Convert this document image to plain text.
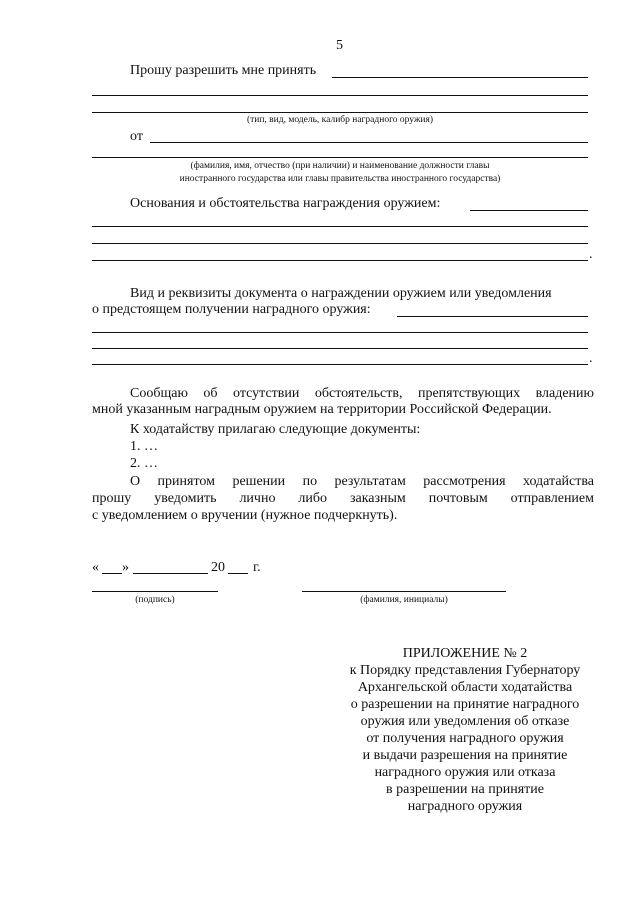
5
Прошу разрешить мне принять
(тип, вид, модель, калибр наградного оружия)
от
(фамилия, имя, отчество (при наличии) и наименование должности главы
иностранного государства или главы правительства иностранного государства)
Основания и обстоятельства награждения оружием:
.
Вид и реквизиты документа о награждении оружием или уведомления
о предстоящем получении наградного оружия:
.
Сообщаю об отсутствии обстоятельств, препятствующих владению
мной указанным наградным оружием на территории Российской Федерации.
К ходатайству прилагаю следующие документы:
1. …
2. …
О принятом решении по результатам рассмотрения ходатайства
прошу уведомить лично либо заказным почтовым отправлением
с уведомлением о вручении (нужное подчеркнуть).
« »	20 г.
(подпись)	(фамилия, инициалы)
ПРИЛОЖЕНИЕ № 2
к Порядку представления Губернатору
Архангельской области ходатайства
о разрешении на принятие наградного
оружия или уведомления об отказе
от получения наградного оружия
и выдачи разрешения на принятие
наградного оружия или отказа
в разрешении на принятие
наградного оружия
